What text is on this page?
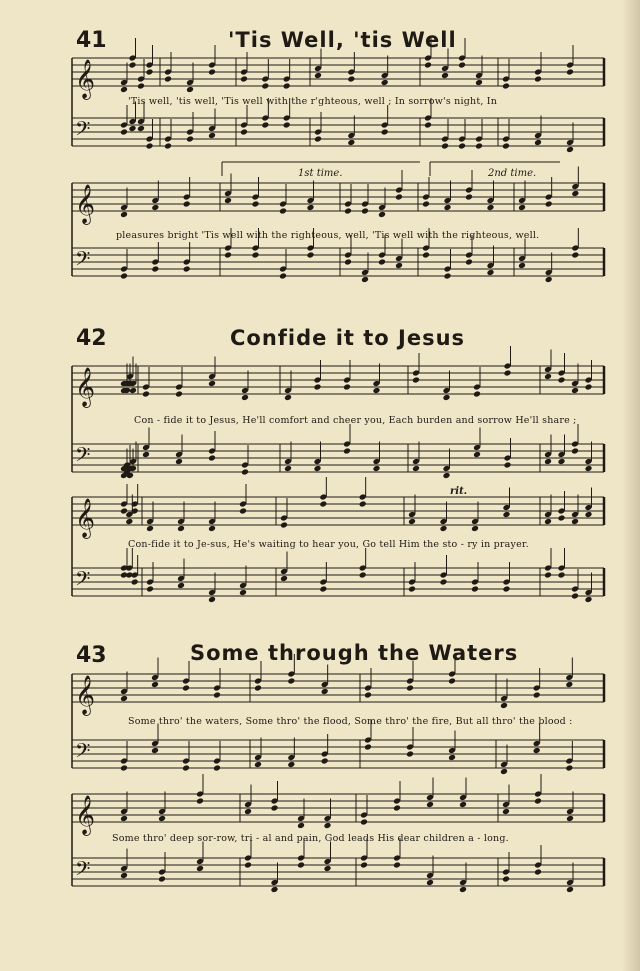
𝄞
𝄢
𝄞
𝄢
𝄞
𝄢
𝄞
𝄢
𝄞
𝄢
𝄞
𝄢
41	'Tis Well, 'tis Well
'Tis well, 'tis well, 'Tis well with the r'ghteous, well ; In sorrow's night, In
1st time.	2nd time.
pleasures bright 'Tis well with the righteous, well, 'Tis well with the righteous, well.
42	Confide it to Jesus
Con - fide it to Jesus, He'll comfort and cheer you, Each burden and sorrow He'll share ;
rit.
Con-fide it to Je-sus, He's waiting to hear you, Go tell Him the sto - ry in prayer.
43	Some through the Waters
Some thro' the waters, Some thro' the flood, Some thro' the fire, But all thro' the blood :
Some thro' deep sor-row, tri - al and pain, God leads His dear children a - long.
